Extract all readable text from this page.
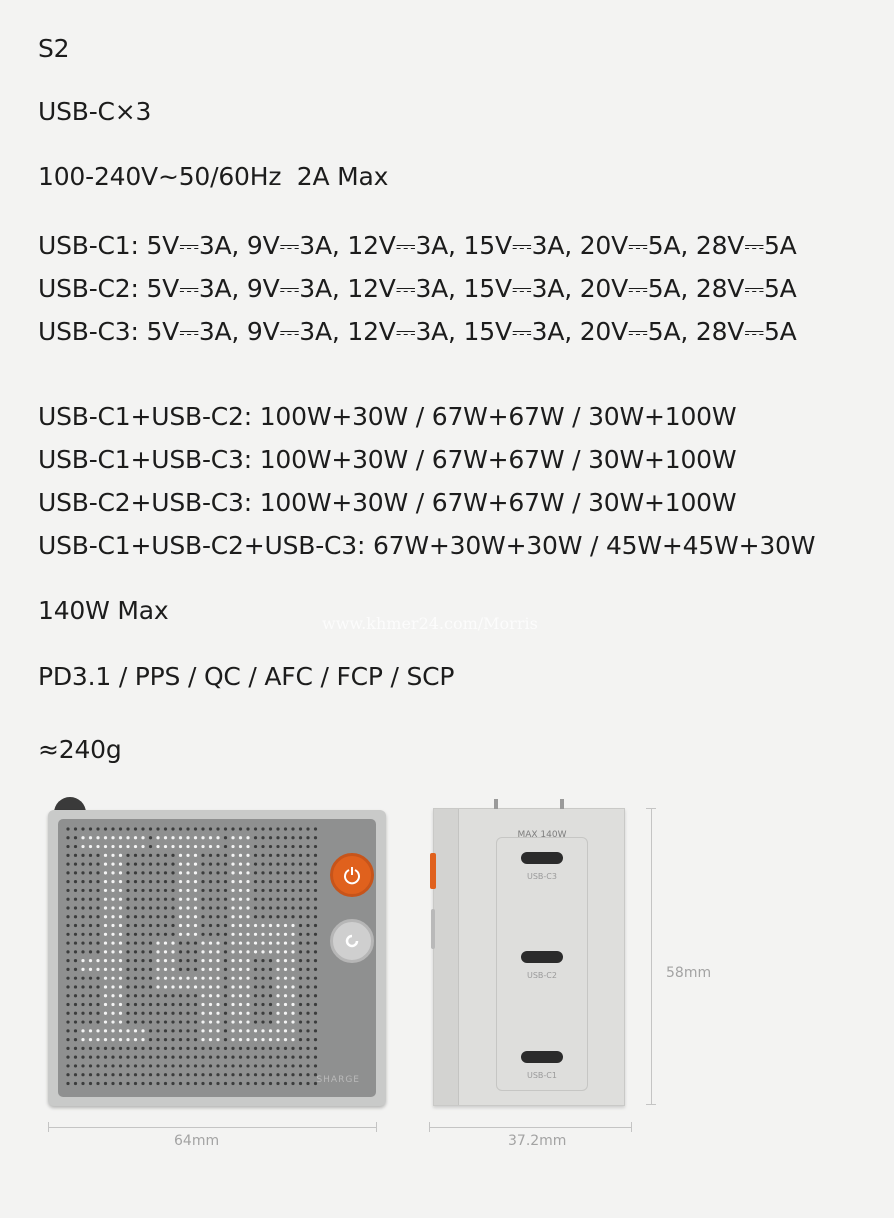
S2
USB-C×3
100-240V~50/60Hz  2A Max
USB-C1: 5V⎓3A, 9V⎓3A, 12V⎓3A, 15V⎓3A, 20V⎓5A, 28V⎓5A
USB-C2: 5V⎓3A, 9V⎓3A, 12V⎓3A, 15V⎓3A, 20V⎓5A, 28V⎓5A
USB-C3: 5V⎓3A, 9V⎓3A, 12V⎓3A, 15V⎓3A, 20V⎓5A, 28V⎓5A
USB-C1+USB-C2: 100W+30W / 67W+67W / 30W+100W
USB-C1+USB-C3: 100W+30W / 67W+67W / 30W+100W
USB-C2+USB-C3: 100W+30W / 67W+67W / 30W+100W
USB-C1+USB-C2+USB-C3: 67W+30W+30W / 45W+45W+30W
140W Max	www.khmer24.com/Morris
PD3.1 / PPS / QC / AFC / FCP / SCP
≈240g
SHARGE
MAX 140W
USB-C3
USB-C2
USB-C1
64mm	37.2mm
58mm
